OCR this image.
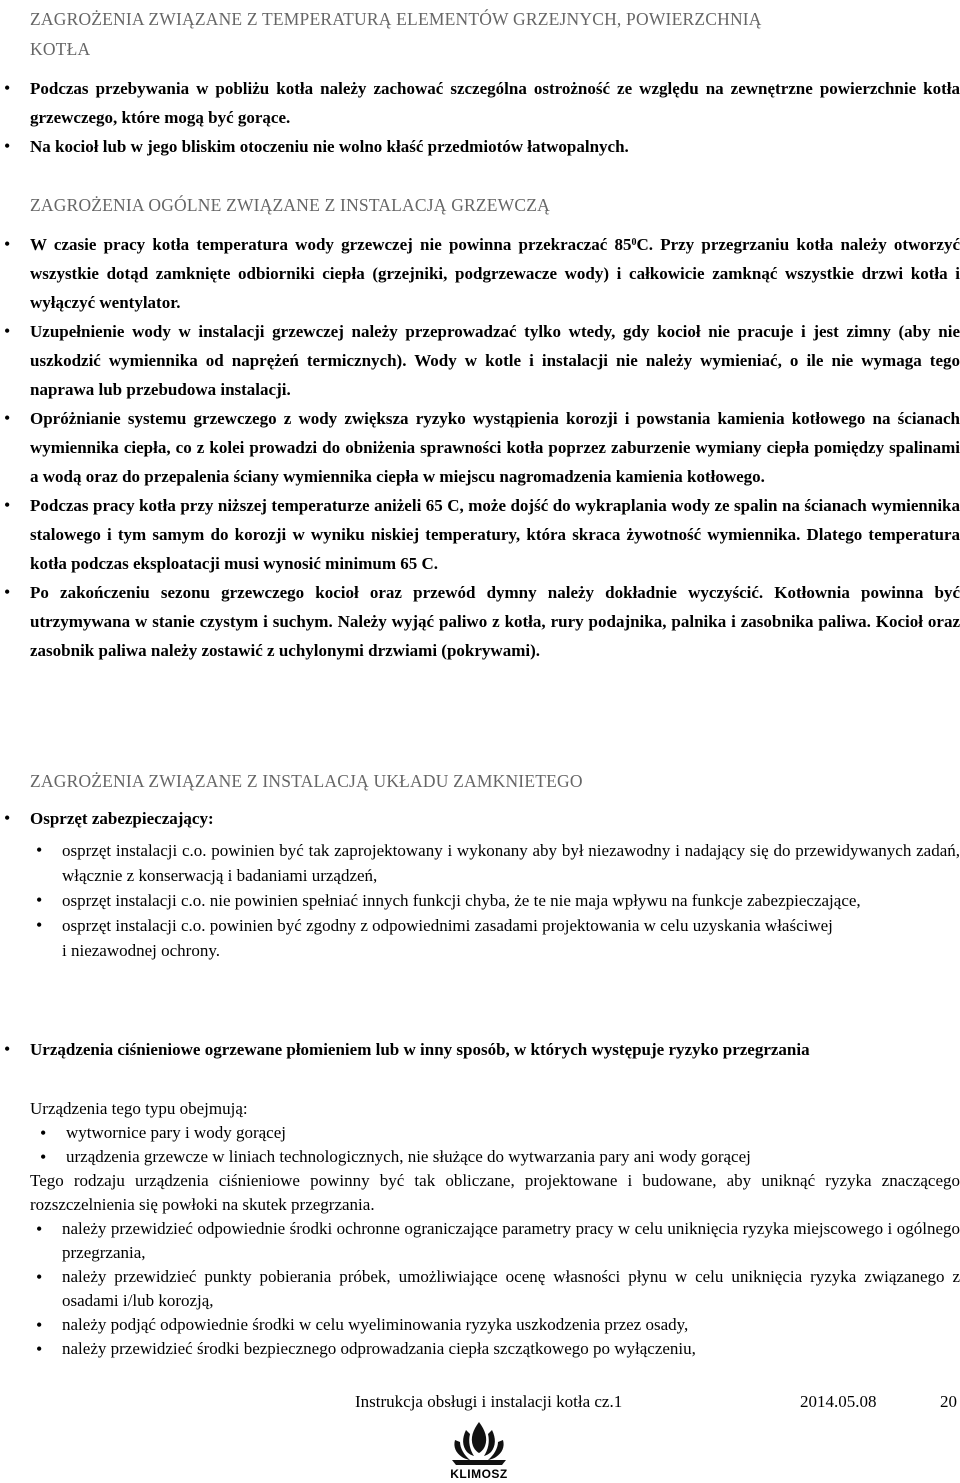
ZAGROŻENIA ZWIĄZANE Z TEMPERATURĄ ELEMENTÓW GRZEJNYCH, POWIERZCHNIĄ
KOTŁA

• Podczas przebywania w pobliżu kotła należy zachować szczególna ostrożność ze względu na zewnętrzne powierzchnie kotła grzewczego, które mogą być gorące.
• Na kocioł lub w jego bliskim otoczeniu nie wolno kłaść przedmiotów łatwopalnych.

ZAGROŻENIA OGÓLNE ZWIĄZANE Z INSTALACJĄ GRZEWCZĄ

• W czasie pracy kotła temperatura wody grzewczej nie powinna przekraczać $85^0C$. Przy przegrzaniu kotła należy otworzyć wszystkie dotąd zamknięte odbiorniki ciepła (grzejniki, podgrzewacze wody) i całkowicie zamknąć wszystkie drzwi kotła i wyłączyć wentylator.
• Uzupełnienie wody w instalacji grzewczej należy przeprowadzać tylko wtedy, gdy kocioł nie pracuje i jest zimny (aby nie uszkodzić wymiennika od naprężeń termicznych). Wody w kotle i instalacji nie należy wymieniać, o ile nie wymaga tego naprawa lub przebudowa instalacji.
• Opróżnianie systemu grzewczego z wody zwiększa ryzyko wystąpienia korozji i powstania kamienia kotłowego na ścianach wymiennika ciepła, co z kolei prowadzi do obniżenia sprawności kotła poprzez zaburzenie wymiany ciepła pomiędzy spalinami a wodą oraz do przepalenia ściany wymiennika ciepła w miejscu nagromadzenia kamienia kotłowego.
• Podczas pracy kotła przy niższej temperaturze aniżeli 65 C, może dojść do wykraplania wody ze spalin na ścianach wymiennika stalowego i tym samym do korozji w wyniku niskiej temperatury, która skraca żywotność wymiennika. Dlatego temperatura kotła podczas eksploatacji musi wynosić minimum 65 C.
• Po zakończeniu sezonu grzewczego kocioł oraz przewód dymny należy dokładnie wyczyścić. Kotłownia powinna być utrzymywana w stanie czystym i suchym. Należy wyjąć paliwo z kotła, rury podajnika, palnika i zasobnika paliwa. Kocioł oraz zasobnik paliwa należy zostawić z uchylonymi drzwiami (pokrywami).

ZAGROŻENIA ZWIĄZANE Z INSTALACJĄ UKŁADU ZAMKNIETEGO

• Osprzęt zabezpieczający:
• osprzęt instalacji c.o. powinien być tak zaprojektowany i wykonany aby był niezawodny i nadający się do przewidywanych zadań, włącznie z konserwacją i badaniami urządzeń,
• osprzęt instalacji c.o. nie powinien spełniać innych funkcji chyba, że te nie maja wpływu na funkcje zabezpieczające,
• osprzęt instalacji c.o. powinien być zgodny z odpowiednimi zasadami projektowania w celu uzyskania właściwej
i niezawodnej ochrony.
• Urządzenia ciśnieniowe ogrzewane płomieniem lub w inny sposób, w których występuje ryzyko przegrzania
Urządzenia tego typu obejmują:
• wytwornice pary i wody gorącej
• urządzenia grzewcze w liniach technologicznych, nie służące do wytwarzania pary ani wody gorącej
Tego rodzaju urządzenia ciśnieniowe powinny być tak obliczane, projektowane i budowane, aby uniknąć ryzyka znaczącego rozszczelnienia się powłoki na skutek przegrzania.
• należy przewidzieć odpowiednie środki ochronne ograniczające parametry pracy w celu uniknięcia ryzyka miejscowego i ogólnego przegrzania,
• należy przewidzieć punkty pobierania próbek, umożliwiające ocenę własności płynu w celu uniknięcia ryzyka związanego z osadami i/lub korozją,
• należy podjąć odpowiednie środki w celu wyeliminowania ryzyka uszkodzenia przez osady,
• należy przewidzieć środki bezpiecznego odprowadzania ciepła szczątkowego po wyłączeniu,
Instrukcja obsługi i instalacji kotła cz.1	2014.05.08	20
KLIMOSZ
